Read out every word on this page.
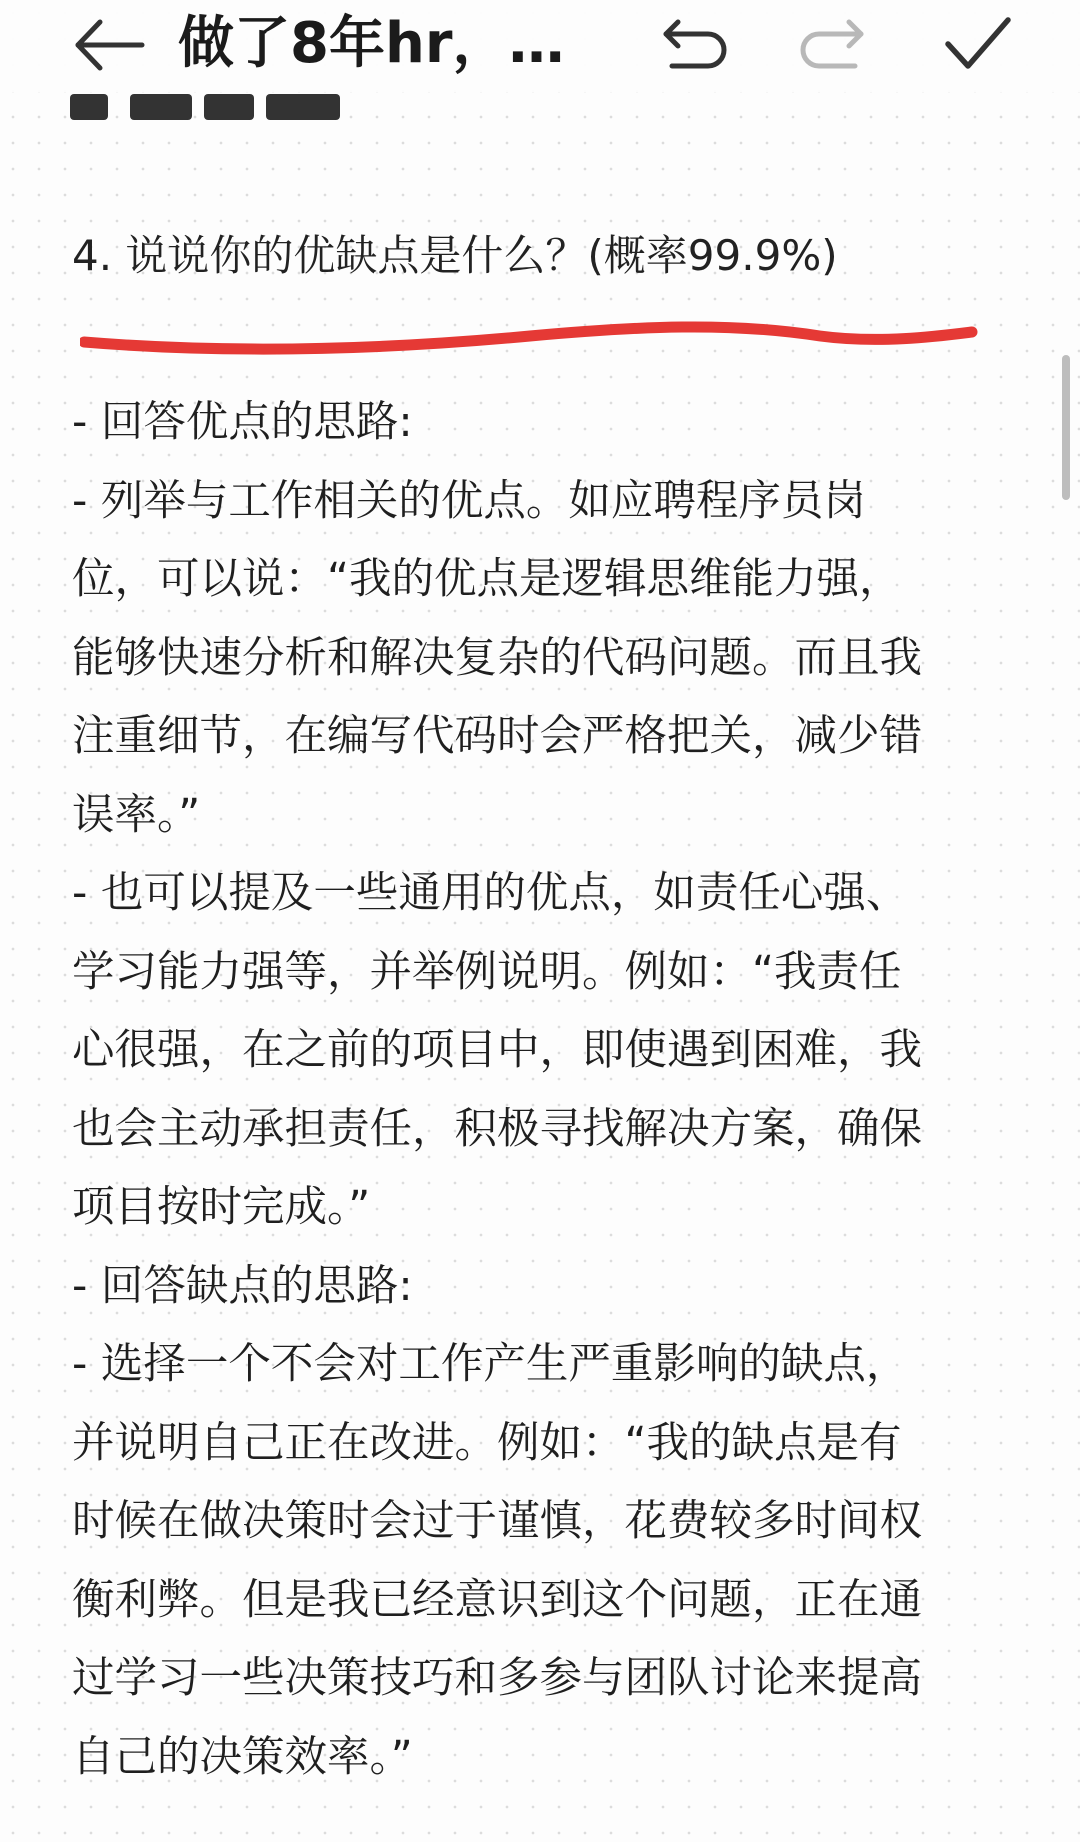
做了8年hr，…
4. 说说你的优缺点是什么？(概率99.9%)

- 回答优点的思路:

- 列举与工作相关的优点。如应聘程序员岗

位，可以说：“我的优点是逻辑思维能力强，

能够快速分析和解决复杂的代码问题。而且我

注重细节，在编写代码时会严格把关，减少错

误率。”

- 也可以提及一些通用的优点，如责任心强、

学习能力强等，并举例说明。例如：“我责任

心很强，在之前的项目中，即使遇到困难，我

也会主动承担责任，积极寻找解决方案，确保

项目按时完成。”

- 回答缺点的思路:

- 选择一个不会对工作产生严重影响的缺点，

并说明自己正在改进。例如：“我的缺点是有

时候在做决策时会过于谨慎，花费较多时间权

衡利弊。但是我已经意识到这个问题，正在通

过学习一些决策技巧和多参与团队讨论来提高

自己的决策效率。”
